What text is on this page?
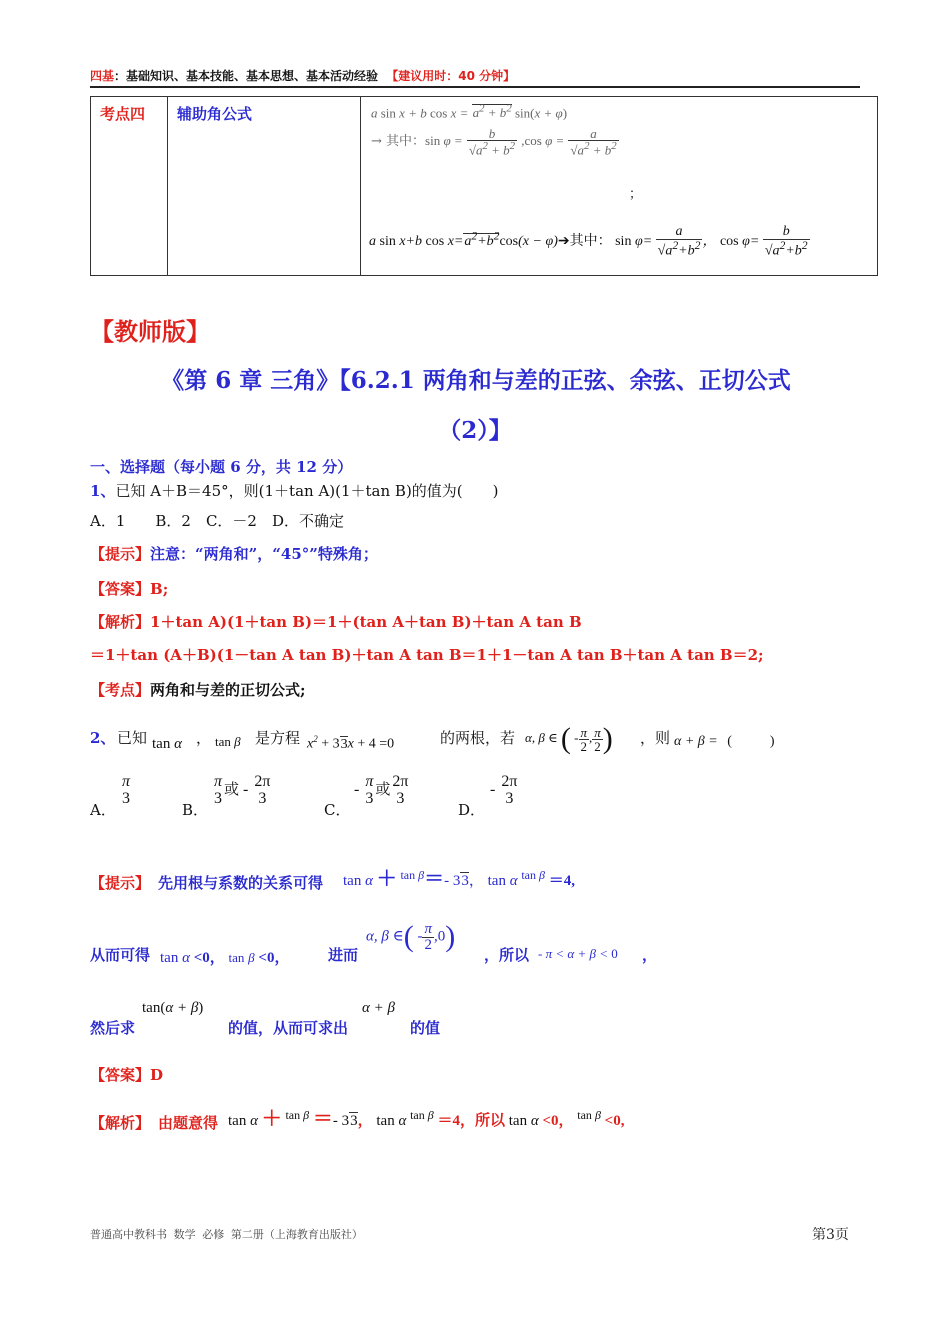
四基：基础知识、基本技能、基本思想、基本活动经验 【建议用时：40 分钟】
考点四	辅助角公式	a sin x + b $\cos x = a^2 + b^2$ sin(x + φ)
→ 其中：$\sin \varphi = \frac{b}{√a^2 + b^2} ,\cos$ $\varphi = \frac{a}{√a^2 + b^2}$
；
a sin x+b $\cos x=a^2+b^2\cos(x$ − φ)➔其中： $\sin \varphi= \frac{a}{√a^2+b^2}$ ， $\cos \varphi= \frac{b}{√a^2+b^2}$
【教师版】
《第 6 章 三角》【6.2.1 两角和与差的正弦、余弦、正切公式
（2）】
一、选择题（每小题 6 分，共 12 分）
1、已知 A＋B＝45°，则(1＋tan A)(1＋tan B)的值为(　　)
A．1　　B．2　C．－2　D．不确定
【提示】注意：“两角和”，“45°”特殊角；
【答案】B;
【解析】1＋tan A)(1＋tan B)＝1＋(tan A＋tan B)＋tan A tan B
＝1＋tan (A＋B)(1－tan A tan B)＋tan A tan B＝1＋1－tan A tan B＋tan A tan B＝2;
【考点】两角和与差的正切公式;
2、 已知 tan α ， tan β 是方程 $x^2 + 33x + 4 =0$	的两根，若 α, β ∈ ( - $\frac{\pi}{2}$ , $\frac{\pi}{2}$ ) ，则 α + β = (	)
A．
$\frac{\pi}{3}$
B．
$\frac{\pi}{3}$ 或 - $\frac{2\pi}{3}$
C．
- $\frac{\pi}{3}$ 或 $\frac{2\pi}{3}$
D．
- $\frac{2\pi}{3}$
【提示】 先用根与系数的关系可得 tan α ＋ $^{tan \beta}$＝- 33， tan α $^{tan \beta}$ ＝4,
从而可得 tan α <0， tan β <0，	进而
α, β ∈( - $\frac{\pi}{2} ,0$)
，所以 - π < α + β < 0 ，
然后求
tan(α + β)
的值，从而可求出
α + β
的值
【答案】D
【解析】 由题意得 tan α ＋ $^{tan \beta}$ ＝- 33， tan α $^{tan \beta}$ ＝4，所以 tan α <0， $^{tan \beta}$ <0,
普通高中教科书 数学 必修 第二册（上海教育出版社）	第3页
